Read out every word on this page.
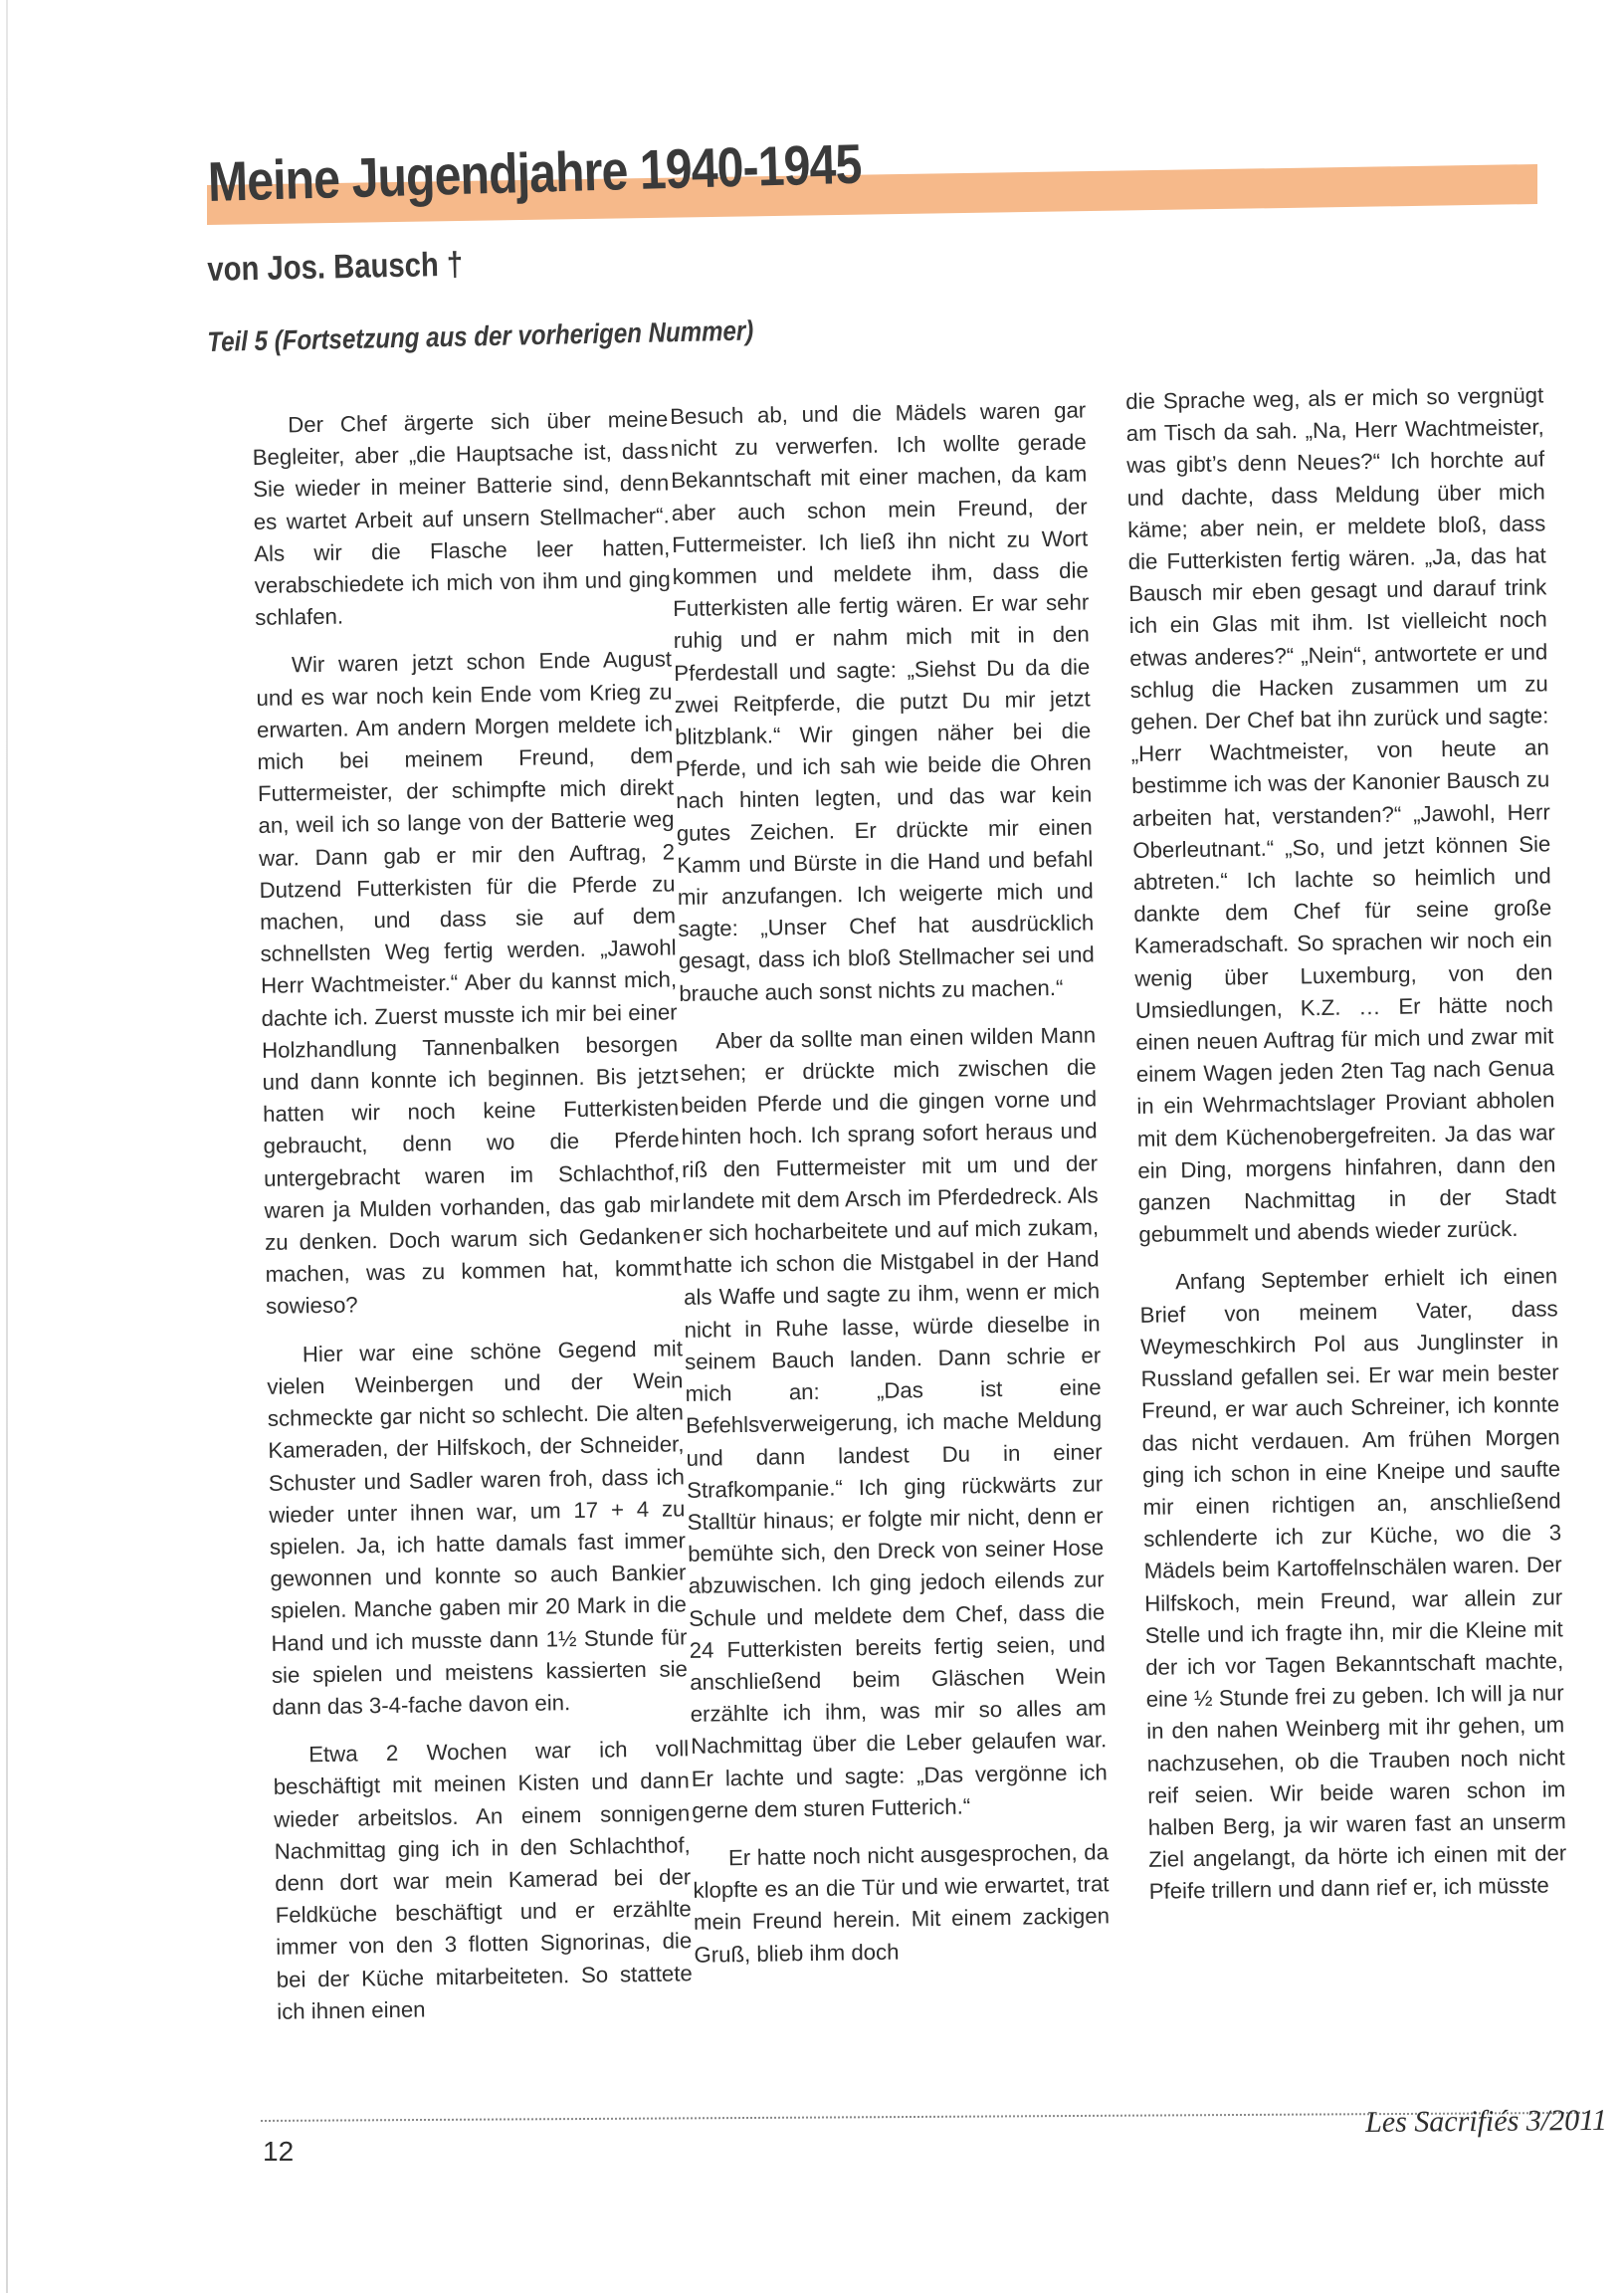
Meine Jugendjahre 1940-1945
von Jos. Bausch †
Teil 5 (Fortsetzung aus der vorherigen Nummer)

Der Chef ärgerte sich über meine Begleiter, aber „die Hauptsache ist, dass Sie wieder in meiner Batterie sind, denn es wartet Arbeit auf unsern Stellmacher“. Als wir die Flasche leer hatten, verabschiedete ich mich von ihm und ging schlafen.

Wir waren jetzt schon Ende August und es war noch kein Ende vom Krieg zu erwarten. Am andern Morgen meldete ich mich bei meinem Freund, dem Futtermeister, der schimpfte mich direkt an, weil ich so lange von der Batterie weg war. Dann gab er mir den Auftrag, 2 Dutzend Futterkisten für die Pferde zu machen, und dass sie auf dem schnellsten Weg fertig werden. „Jawohl Herr Wachtmeister.“ Aber du kannst mich, dachte ich. Zuerst musste ich mir bei einer Holzhandlung Tannenbalken besorgen und dann konnte ich beginnen. Bis jetzt hatten wir noch keine Futterkisten gebraucht, denn wo die Pferde untergebracht waren im Schlachthof, waren ja Mulden vorhanden, das gab mir zu denken. Doch warum sich Gedanken machen, was zu kommen hat, kommt sowieso?

Hier war eine schöne Gegend mit vielen Weinbergen und der Wein schmeckte gar nicht so schlecht. Die alten Kameraden, der Hilfskoch, der Schneider, Schuster und Sadler waren froh, dass ich wieder unter ihnen war, um 17 + 4 zu spielen. Ja, ich hatte damals fast immer gewonnen und konnte so auch Bankier spielen. Manche gaben mir 20 Mark in die Hand und ich musste dann 1½ Stunde für sie spielen und meistens kassierten sie dann das 3-4-fache davon ein.

Etwa 2 Wochen war ich voll beschäftigt mit meinen Kisten und dann wieder arbeitslos. An einem sonnigen Nachmittag ging ich in den Schlachthof, denn dort war mein Kamerad bei der Feldküche beschäftigt und er erzählte immer von den 3 flotten Signorinas, die bei der Küche mitarbeiteten. So stattete ich ihnen einen

Besuch ab, und die Mädels waren gar nicht zu verwerfen. Ich wollte gerade Bekanntschaft mit einer machen, da kam aber auch schon mein Freund, der Futtermeister. Ich ließ ihn nicht zu Wort kommen und meldete ihm, dass die Futterkisten alle fertig wären. Er war sehr ruhig und er nahm mich mit in den Pferdestall und sagte: „Siehst Du da die zwei Reitpferde, die putzt Du mir jetzt blitzblank.“ Wir gingen näher bei die Pferde, und ich sah wie beide die Ohren nach hinten legten, und das war kein gutes Zeichen. Er drückte mir einen Kamm und Bürste in die Hand und befahl mir anzufangen. Ich weigerte mich und sagte: „Unser Chef hat ausdrücklich gesagt, dass ich bloß Stellmacher sei und brauche auch sonst nichts zu machen.“

Aber da sollte man einen wilden Mann sehen; er drückte mich zwischen die beiden Pferde und die gingen vorne und hinten hoch. Ich sprang sofort heraus und riß den Futtermeister mit um und der landete mit dem Arsch im Pferdedreck. Als er sich hocharbeitete und auf mich zukam, hatte ich schon die Mistgabel in der Hand als Waffe und sagte zu ihm, wenn er mich nicht in Ruhe lasse, würde dieselbe in seinem Bauch landen. Dann schrie er mich an: „Das ist eine Befehlsverweigerung, ich mache Meldung und dann landest Du in einer Strafkompanie.“ Ich ging rückwärts zur Stalltür hinaus; er folgte mir nicht, denn er bemühte sich, den Dreck von seiner Hose abzuwischen. Ich ging jedoch eilends zur Schule und meldete dem Chef, dass die 24 Futterkisten bereits fertig seien, und anschließend beim Gläschen Wein erzählte ich ihm, was mir so alles am Nachmittag über die Leber gelaufen war. Er lachte und sagte: „Das vergönne ich gerne dem sturen Futterich.“

Er hatte noch nicht ausgesprochen, da klopfte es an die Tür und wie erwartet, trat mein Freund herein. Mit einem zackigen Gruß, blieb ihm doch

die Sprache weg, als er mich so vergnügt am Tisch da sah. „Na, Herr Wachtmeister, was gibt’s denn Neues?“ Ich horchte auf und dachte, dass Meldung über mich käme; aber nein, er meldete bloß, dass die Futterkisten fertig wären. „Ja, das hat Bausch mir eben gesagt und darauf trink ich ein Glas mit ihm. Ist vielleicht noch etwas anderes?“ „Nein“, antwortete er und schlug die Hacken zusammen um zu gehen. Der Chef bat ihn zurück und sagte: „Herr Wachtmeister, von heute an bestimme ich was der Kanonier Bausch zu arbeiten hat, verstanden?“ „Jawohl, Herr Oberleutnant.“ „So, und jetzt können Sie abtreten.“ Ich lachte so heimlich und dankte dem Chef für seine große Kameradschaft. So sprachen wir noch ein wenig über Luxemburg, von den Umsiedlungen, K.Z. … Er hätte noch einen neuen Auftrag für mich und zwar mit einem Wagen jeden 2ten Tag nach Genua in ein Wehrmachtslager Proviant abholen mit dem Küchenobergefreiten. Ja das war ein Ding, morgens hinfahren, dann den ganzen Nachmittag in der Stadt gebummelt und abends wieder zurück.

Anfang September erhielt ich einen Brief von meinem Vater, dass Weymeschkirch Pol aus Junglinster in Russland gefallen sei. Er war mein bester Freund, er war auch Schreiner, ich konnte das nicht verdauen. Am frühen Morgen ging ich schon in eine Kneipe und saufte mir einen richtigen an, anschließend schlenderte ich zur Küche, wo die 3 Mädels beim Kartoffelnschälen waren. Der Hilfskoch, mein Freund, war allein zur Stelle und ich fragte ihn, mir die Kleine mit der ich vor Tagen Bekanntschaft machte, eine ½ Stunde frei zu geben. Ich will ja nur in den nahen Weinberg mit ihr gehen, um nachzusehen, ob die Trauben noch nicht reif seien. Wir beide waren schon im halben Berg, ja wir waren fast an unserm Ziel angelangt, da hörte ich einen mit der Pfeife trillern und dann rief er, ich müsste

12
Les Sacrifiés 3/2011
